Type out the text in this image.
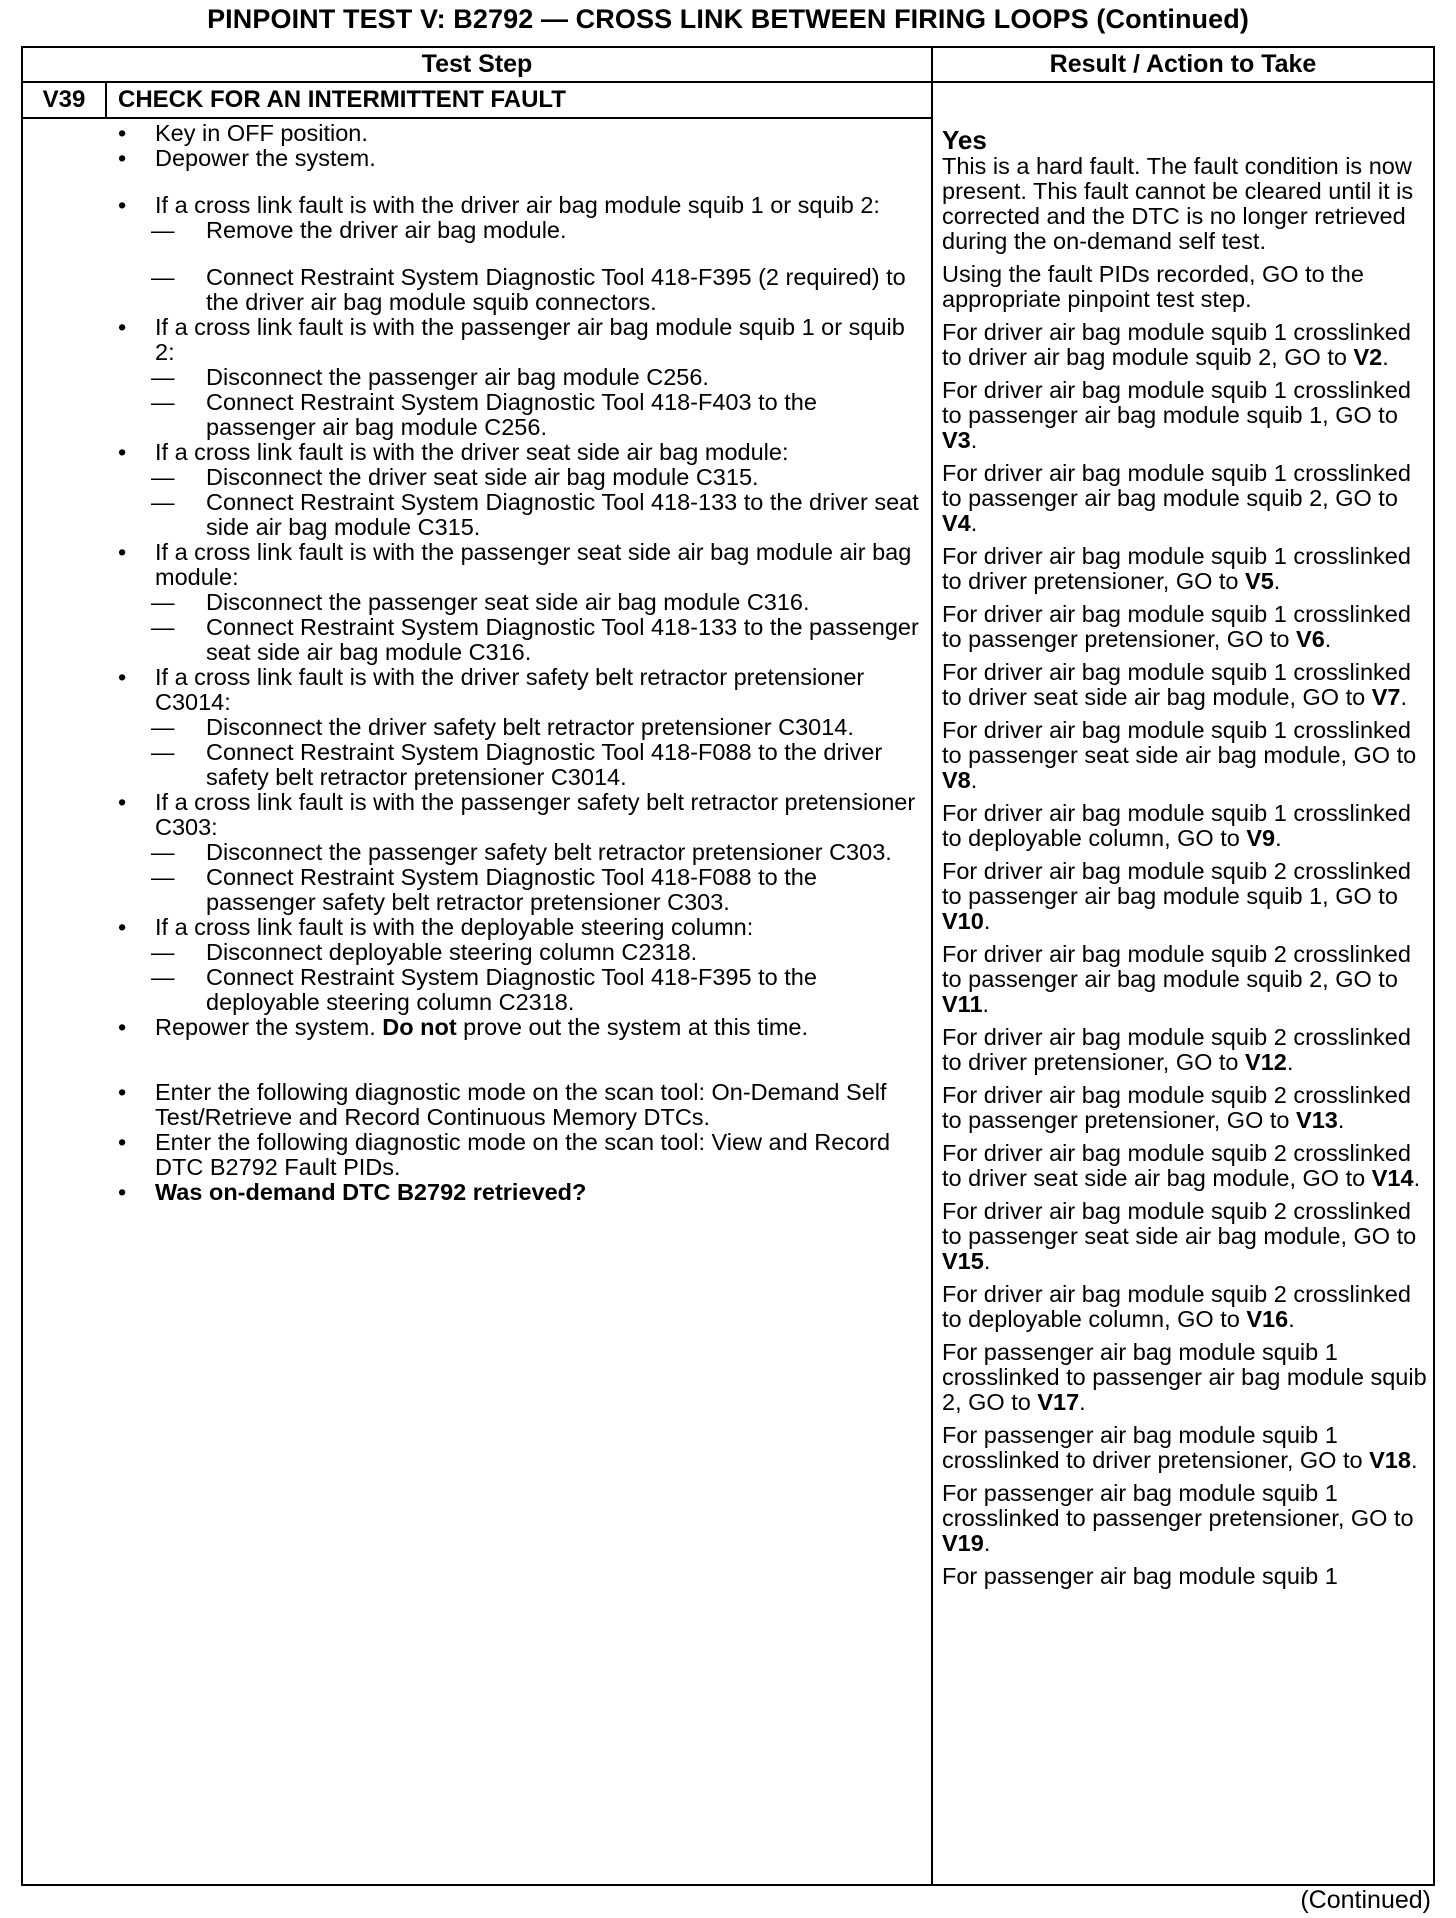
PINPOINT TEST V: B2792 — CROSS LINK BETWEEN FIRING LOOPS (Continued)
Test Step	Result / Action to Take
V39	CHECK FOR AN INTERMITTENT FAULT
• Key in OFF position.
• Depower the system.
• If a cross link fault is with the driver air bag module squib 1 or squib 2:
— Remove the driver air bag module.
— Connect Restraint System Diagnostic Tool 418-F395 (2 required) to the driver air bag module squib connectors.
• If a cross link fault is with the passenger air bag module squib 1 or squib 2:
— Disconnect the passenger air bag module C256.
— Connect Restraint System Diagnostic Tool 418-F403 to the passenger air bag module C256.
• If a cross link fault is with the driver seat side air bag module:
— Disconnect the driver seat side air bag module C315.
— Connect Restraint System Diagnostic Tool 418-133 to the driver seat side air bag module C315.
• If a cross link fault is with the passenger seat side air bag module air bag module:
— Disconnect the passenger seat side air bag module C316.
— Connect Restraint System Diagnostic Tool 418-133 to the passenger seat side air bag module C316.
• If a cross link fault is with the driver safety belt retractor pretensioner C3014:
— Disconnect the driver safety belt retractor pretensioner C3014.
— Connect Restraint System Diagnostic Tool 418-F088 to the driver safety belt retractor pretensioner C3014.
• If a cross link fault is with the passenger safety belt retractor pretensioner C303:
— Disconnect the passenger safety belt retractor pretensioner C303.
— Connect Restraint System Diagnostic Tool 418-F088 to the passenger safety belt retractor pretensioner C303.
• If a cross link fault is with the deployable steering column:
— Disconnect deployable steering column C2318.
— Connect Restraint System Diagnostic Tool 418-F395 to the deployable steering column C2318.
• Repower the system. Do not prove out the system at this time.
• Enter the following diagnostic mode on the scan tool: On-Demand Self Test/Retrieve and Record Continuous Memory DTCs.
• Enter the following diagnostic mode on the scan tool: View and Record DTC B2792 Fault PIDs.
• Was on-demand DTC B2792 retrieved?
Yes
This is a hard fault. The fault condition is now present. This fault cannot be cleared until it is corrected and the DTC is no longer retrieved during the on-demand self test.
Using the fault PIDs recorded, GO to the appropriate pinpoint test step.
For driver air bag module squib 1 crosslinked to driver air bag module squib 2, GO to V2.
For driver air bag module squib 1 crosslinked to passenger air bag module squib 1, GO to V3.
For driver air bag module squib 1 crosslinked to passenger air bag module squib 2, GO to V4.
For driver air bag module squib 1 crosslinked to driver pretensioner, GO to V5.
For driver air bag module squib 1 crosslinked to passenger pretensioner, GO to V6.
For driver air bag module squib 1 crosslinked to driver seat side air bag module, GO to V7.
For driver air bag module squib 1 crosslinked to passenger seat side air bag module, GO to V8.
For driver air bag module squib 1 crosslinked to deployable column, GO to V9.
For driver air bag module squib 2 crosslinked to passenger air bag module squib 1, GO to V10.
For driver air bag module squib 2 crosslinked to passenger air bag module squib 2, GO to V11.
For driver air bag module squib 2 crosslinked to driver pretensioner, GO to V12.
For driver air bag module squib 2 crosslinked to passenger pretensioner, GO to V13.
For driver air bag module squib 2 crosslinked to driver seat side air bag module, GO to V14.
For driver air bag module squib 2 crosslinked to passenger seat side air bag module, GO to V15.
For driver air bag module squib 2 crosslinked to deployable column, GO to V16.
For passenger air bag module squib 1 crosslinked to passenger air bag module squib 2, GO to V17.
For passenger air bag module squib 1 crosslinked to driver pretensioner, GO to V18.
For passenger air bag module squib 1 crosslinked to passenger pretensioner, GO to V19.
For passenger air bag module squib 1
(Continued)
